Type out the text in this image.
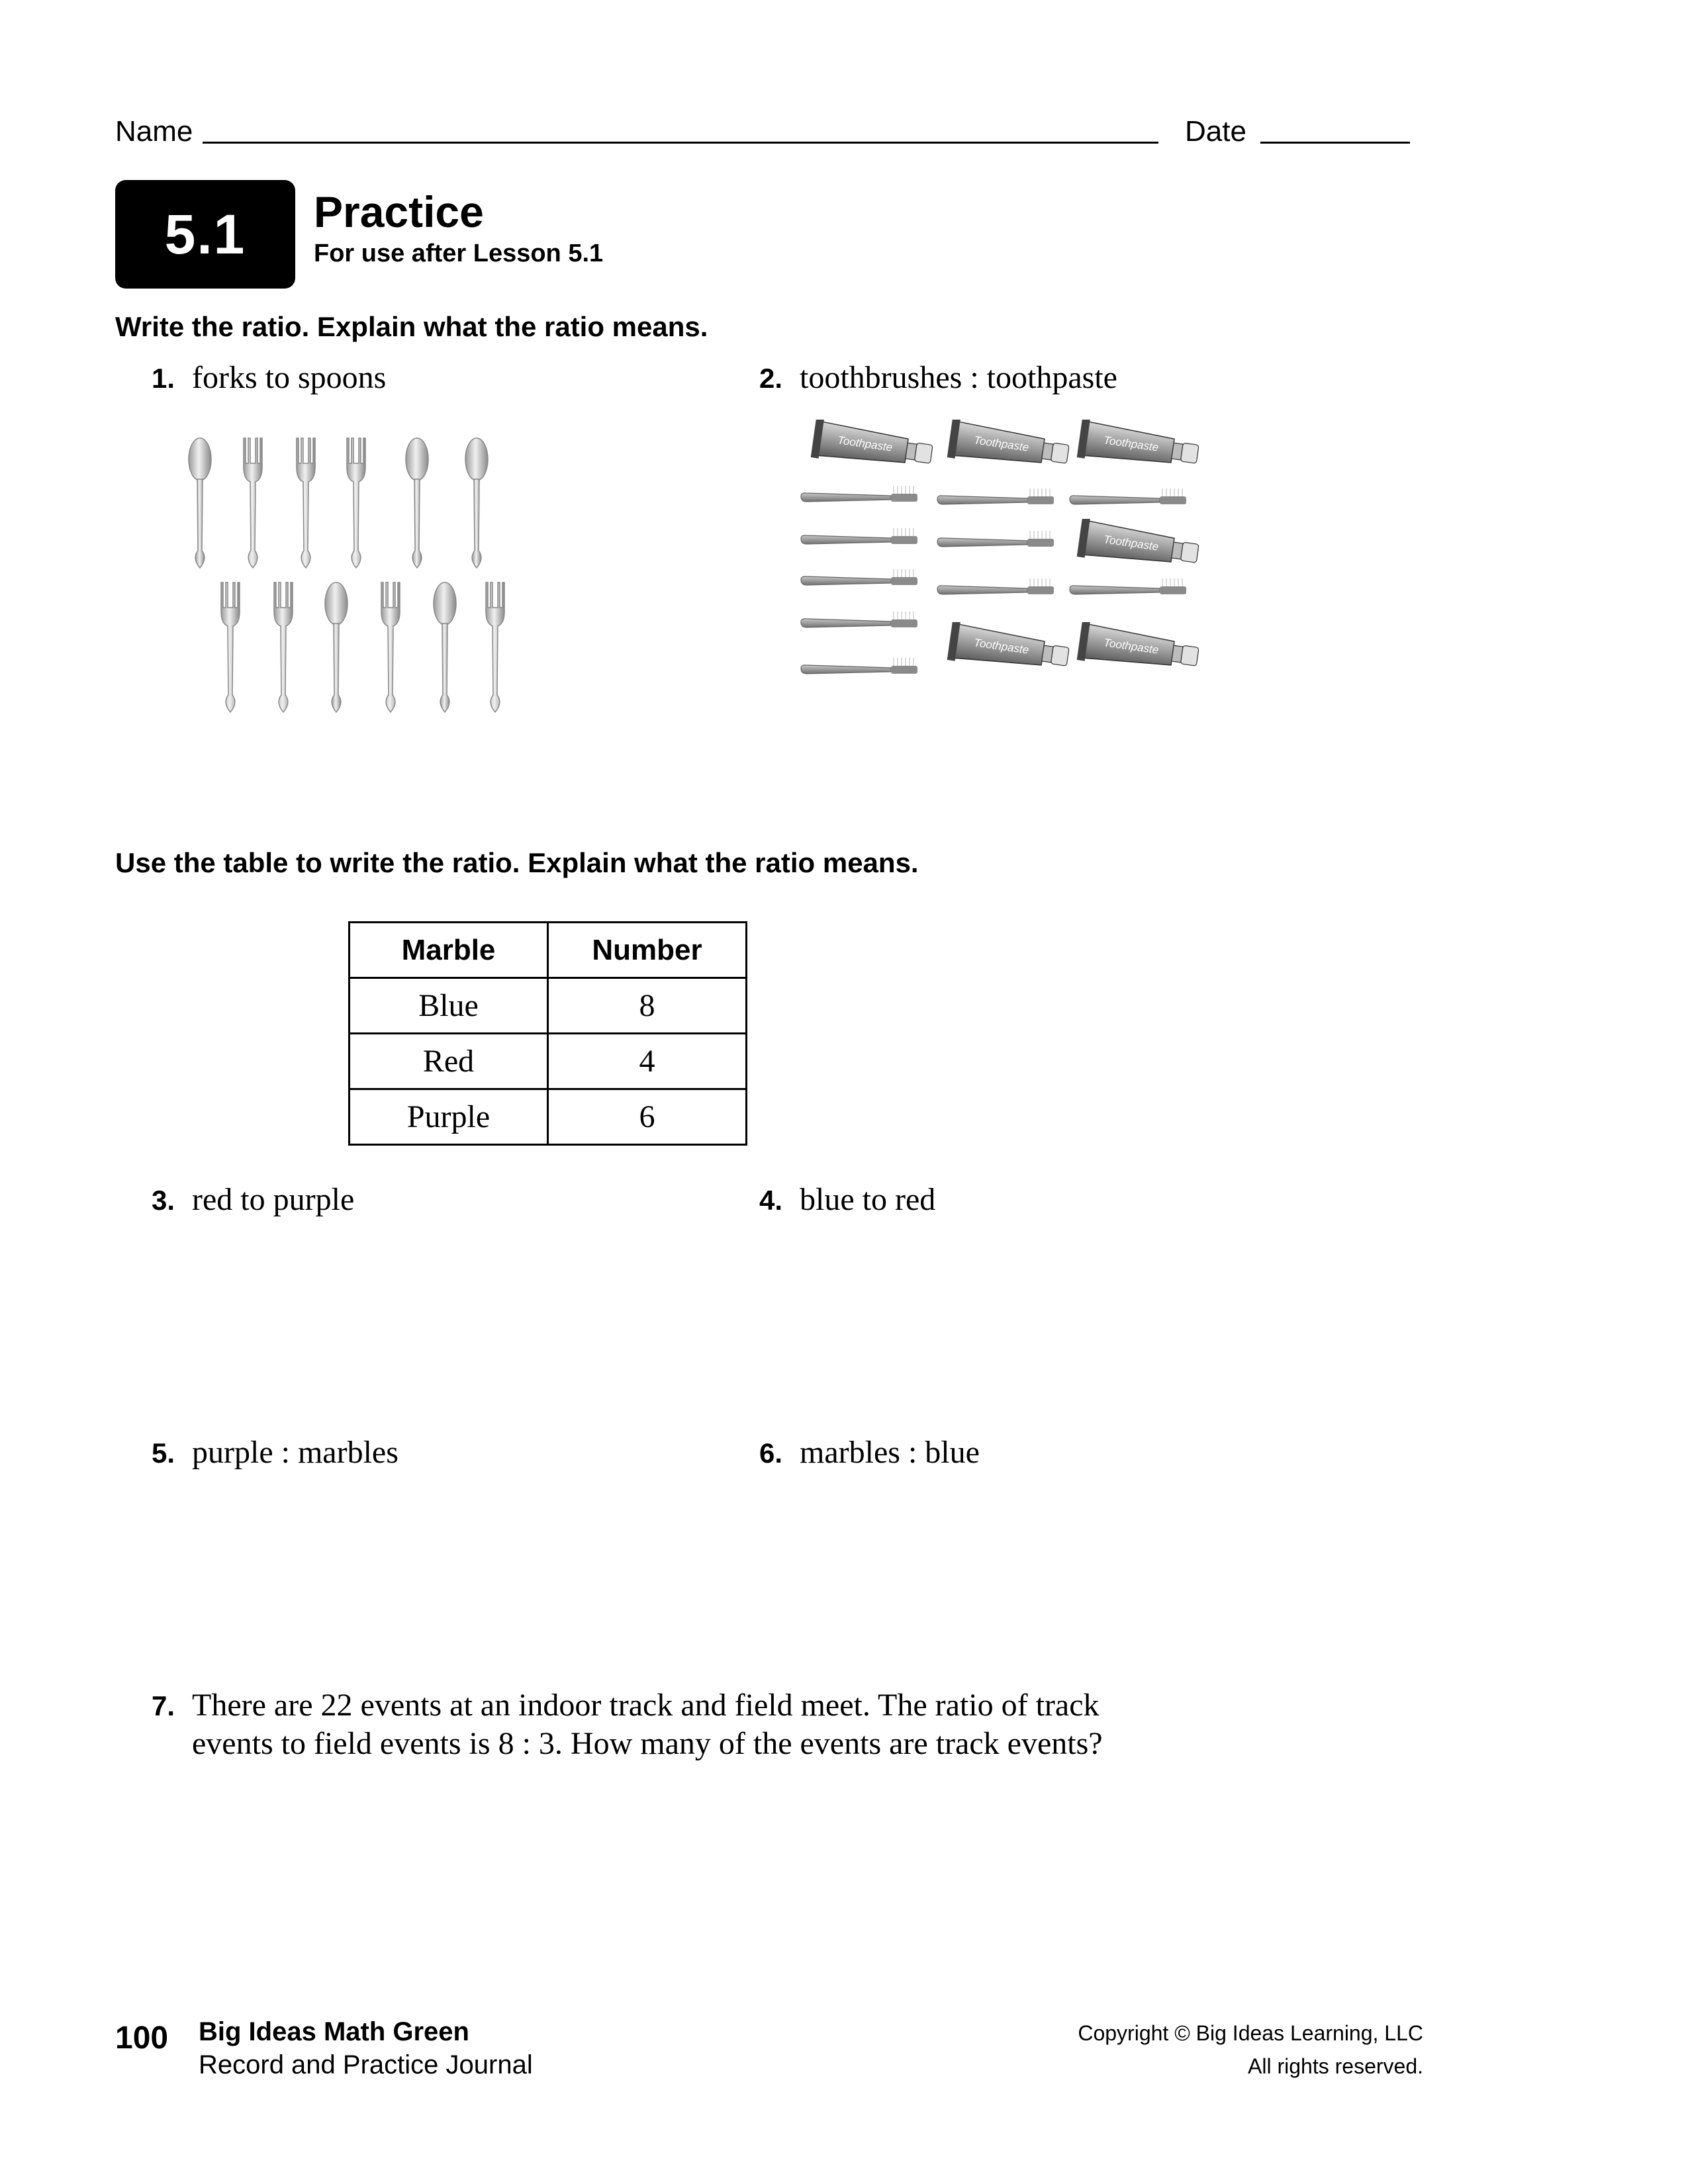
Name	Date
5.1	Practice
For use after Lesson 5.1
Write the ratio. Explain what the ratio means.
1. forks to spoons	2. toothbrushes : toothpaste
Toothpaste	Toothpaste	Toothpaste
Toothpaste
Toothpaste	Toothpaste
Use the table to write the ratio. Explain what the ratio means.
Marble	Number
Blue	8
Red	4
Purple	6
3. red to purple	4. blue to red
5. purple : marbles	6. marbles : blue
7. There are 22 events at an indoor track and field meet. The ratio of track
events to field events is 8 : 3. How many of the events are track events?
100 Big Ideas Math Green
Record and Practice Journal
Copyright © Big Ideas Learning, LLC
All rights reserved.
